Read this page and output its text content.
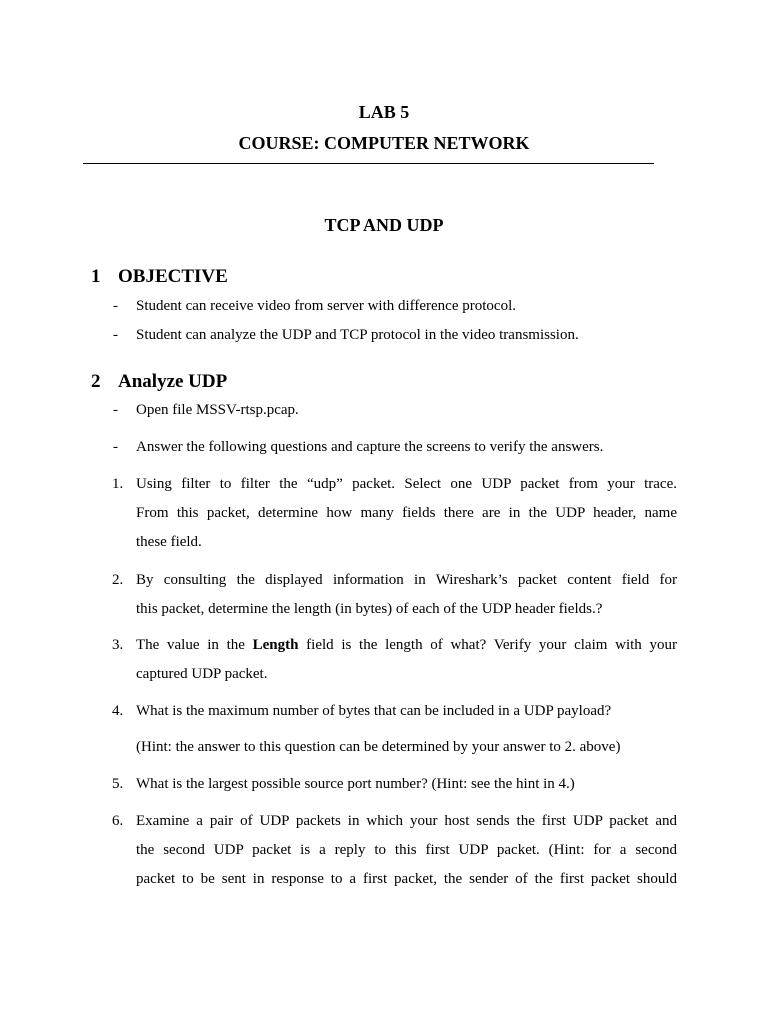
LAB 5
COURSE: COMPUTER NETWORK
TCP AND UDP
1 OBJECTIVE
- Student can receive video from server with difference protocol.
- Student can analyze the UDP and TCP protocol in the video transmission.
2 Analyze UDP
- Open file MSSV-rtsp.pcap.
- Answer the following questions and capture the screens to verify the answers.
1. Using filter to filter the “udp” packet. Select one UDP packet from your trace.
From this packet, determine how many fields there are in the UDP header, name
these field.
2. By consulting the displayed information in Wireshark’s packet content field for
this packet, determine the length (in bytes) of each of the UDP header fields.?
3. The value in the Length field is the length of what? Verify your claim with your
captured UDP packet.
4. What is the maximum number of bytes that can be included in a UDP payload?
(Hint: the answer to this question can be determined by your answer to 2. above)
5. What is the largest possible source port number? (Hint: see the hint in 4.)
6. Examine a pair of UDP packets in which your host sends the first UDP packet and
the second UDP packet is a reply to this first UDP packet. (Hint: for a second
packet to be sent in response to a first packet, the sender of the first packet should
